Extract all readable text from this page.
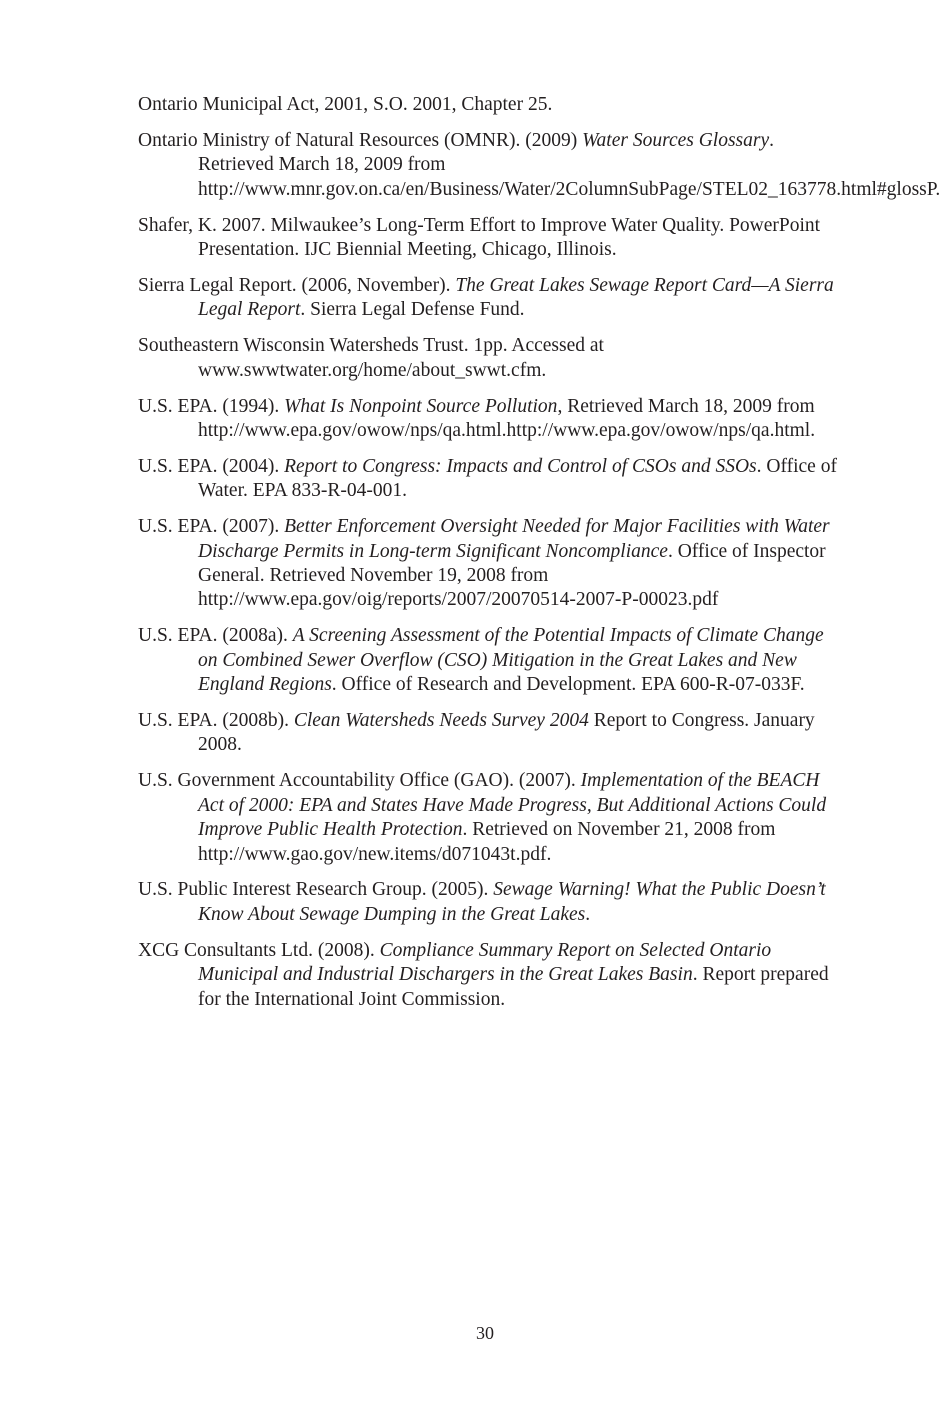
Ontario Municipal Act, 2001, S.O. 2001, Chapter 25.
Ontario Ministry of Natural Resources (OMNR). (2009) Water Sources Glossary. Retrieved March 18, 2009 from http://www.mnr.gov.on.ca/en/Business/Water/2ColumnSubPage/STEL02_163778.html#glossP.
Shafer, K. 2007. Milwaukee’s Long-Term Effort to Improve Water Quality. PowerPoint Presentation. IJC Biennial Meeting, Chicago, Illinois.
Sierra Legal Report. (2006, November). The Great Lakes Sewage Report Card—A Sierra Legal Report. Sierra Legal Defense Fund.
Southeastern Wisconsin Watersheds Trust. 1pp. Accessed at www.swwtwater.org/home/about_swwt.cfm.
U.S. EPA. (1994). What Is Nonpoint Source Pollution, Retrieved March 18, 2009 from http://www.epa.gov/owow/nps/qa.html.http://www.epa.gov/owow/nps/qa.html.
U.S. EPA. (2004). Report to Congress: Impacts and Control of CSOs and SSOs. Office of Water. EPA 833-R-04-001.
U.S. EPA. (2007). Better Enforcement Oversight Needed for Major Facilities with Water Discharge Permits in Long-term Significant Noncompliance. Office of Inspector General. Retrieved November 19, 2008 from http://www.epa.gov/oig/reports/2007/20070514-2007-P-00023.pdf
U.S. EPA. (2008a). A Screening Assessment of the Potential Impacts of Climate Change on Combined Sewer Overflow (CSO) Mitigation in the Great Lakes and New England Regions. Office of Research and Development. EPA 600-R-07-033F.
U.S. EPA. (2008b). Clean Watersheds Needs Survey 2004 Report to Congress. January 2008.
U.S. Government Accountability Office (GAO). (2007). Implementation of the BEACH Act of 2000: EPA and States Have Made Progress, But Additional Actions Could Improve Public Health Protection. Retrieved on November 21, 2008 from http://www.gao.gov/new.items/d071043t.pdf.
U.S. Public Interest Research Group. (2005). Sewage Warning! What the Public Doesn’t Know About Sewage Dumping in the Great Lakes.
XCG Consultants Ltd. (2008). Compliance Summary Report on Selected Ontario Municipal and Industrial Dischargers in the Great Lakes Basin. Report prepared for the International Joint Commission.
30
